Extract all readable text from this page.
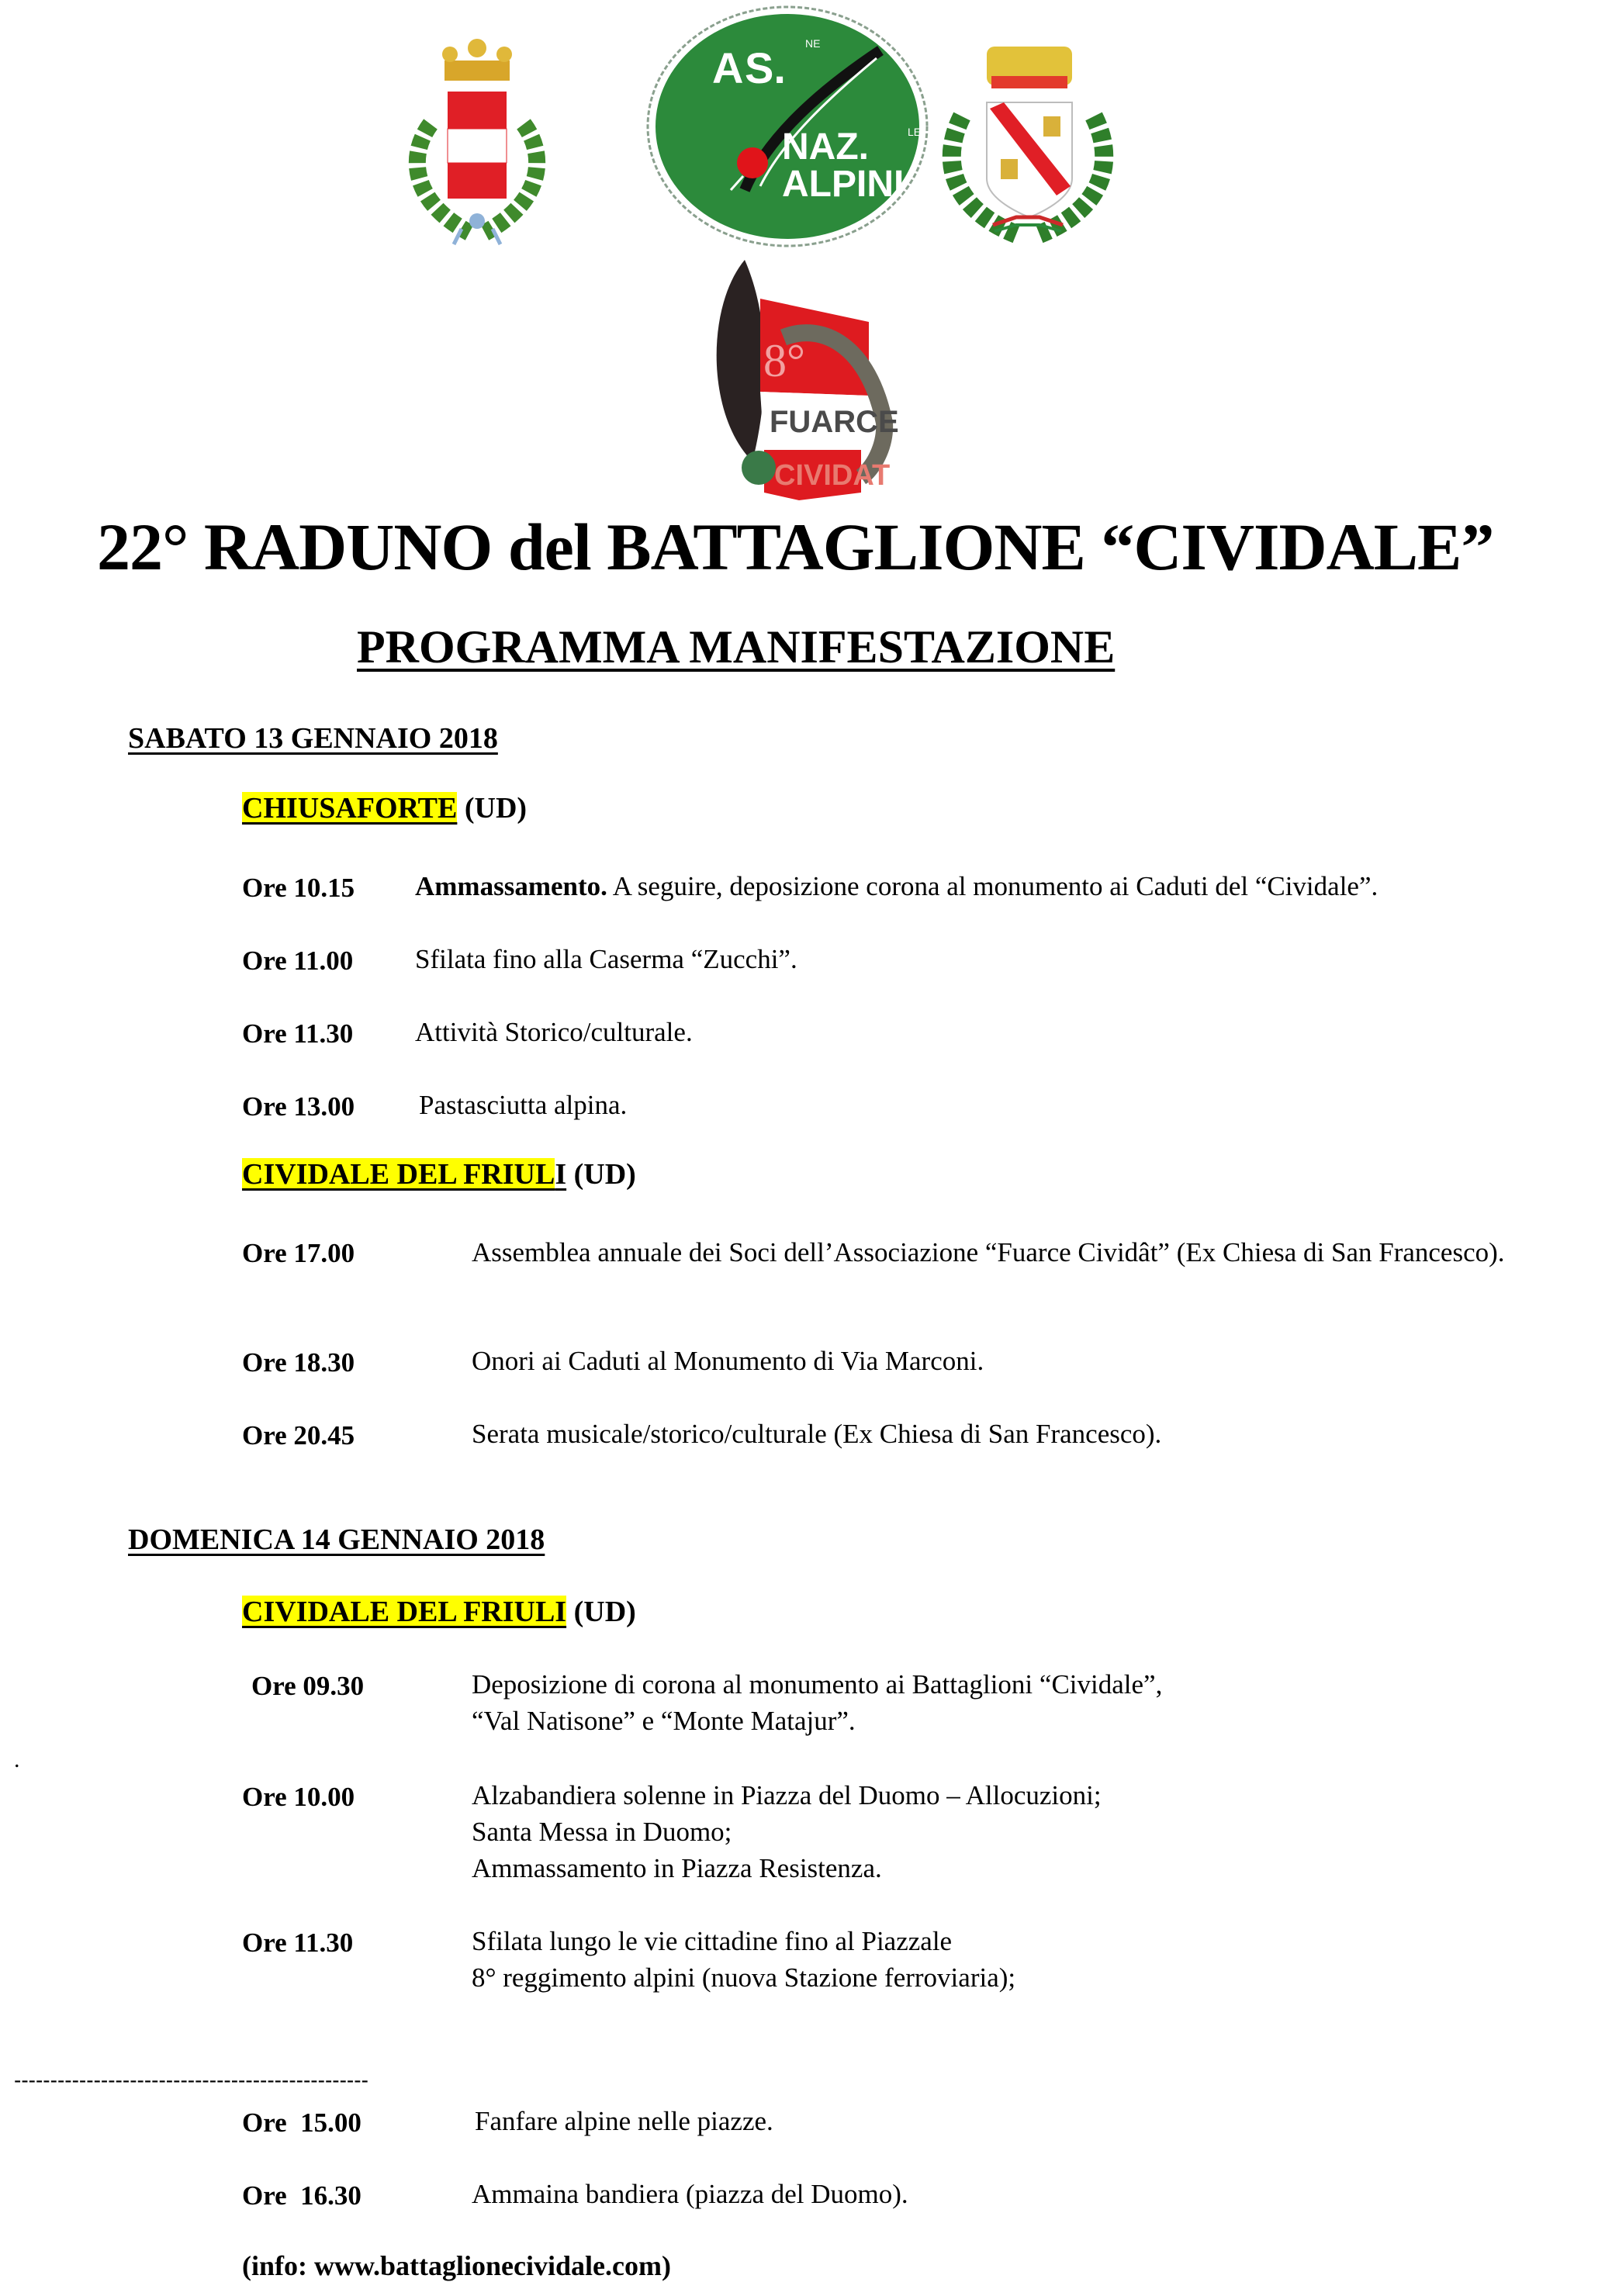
A S. NE
NAZ.	LE
ALPINI
8°
FUARCE
CIVIDAT
22° RADUNO del BATTAGLIONE “CIVIDALE”
PROGRAMMA MANIFESTAZIONE
SABATO 13 GENNAIO 2018
CHIUSAFORTE (UD)
Ore 10.15 Ammassamento. A seguire, deposizione corona al monumento ai Caduti del “Cividale”.
Ore 11.00 Sfilata fino alla Caserma “Zucchi”.
Ore 11.30 Attività Storico/culturale.
Ore 13.00 Pastasciutta alpina.
CIVIDALE DEL FRIULI (UD)
Ore 17.00	Assemblea annuale dei Soci dell’Associazione “Fuarce Cividât” (Ex Chiesa di San Francesco).
Ore 18.30	Onori ai Caduti al Monumento di Via Marconi.
Ore 20.45	Serata musicale/storico/culturale (Ex Chiesa di San Francesco).
DOMENICA 14 GENNAIO 2018
CIVIDALE DEL FRIULI (UD)
Ore 09.30	Deposizione di corona al monumento ai Battaglioni “Cividale”,
“Val Natisone” e “Monte Matajur”.
.
Ore 10.00	Alzabandiera solenne in Piazza del Duomo – Allocuzioni;
Santa Messa in Duomo;
Ammassamento in Piazza Resistenza.
Ore 11.30	Sfilata lungo le vie cittadine fino al Piazzale
8° reggimento alpini (nuova Stazione ferroviaria);
-------------------------------------------------
Ore  15.00	Fanfare alpine nelle piazze.
Ore  16.30	Ammaina bandiera (piazza del Duomo).
(info: www.battaglionecividale.com)
